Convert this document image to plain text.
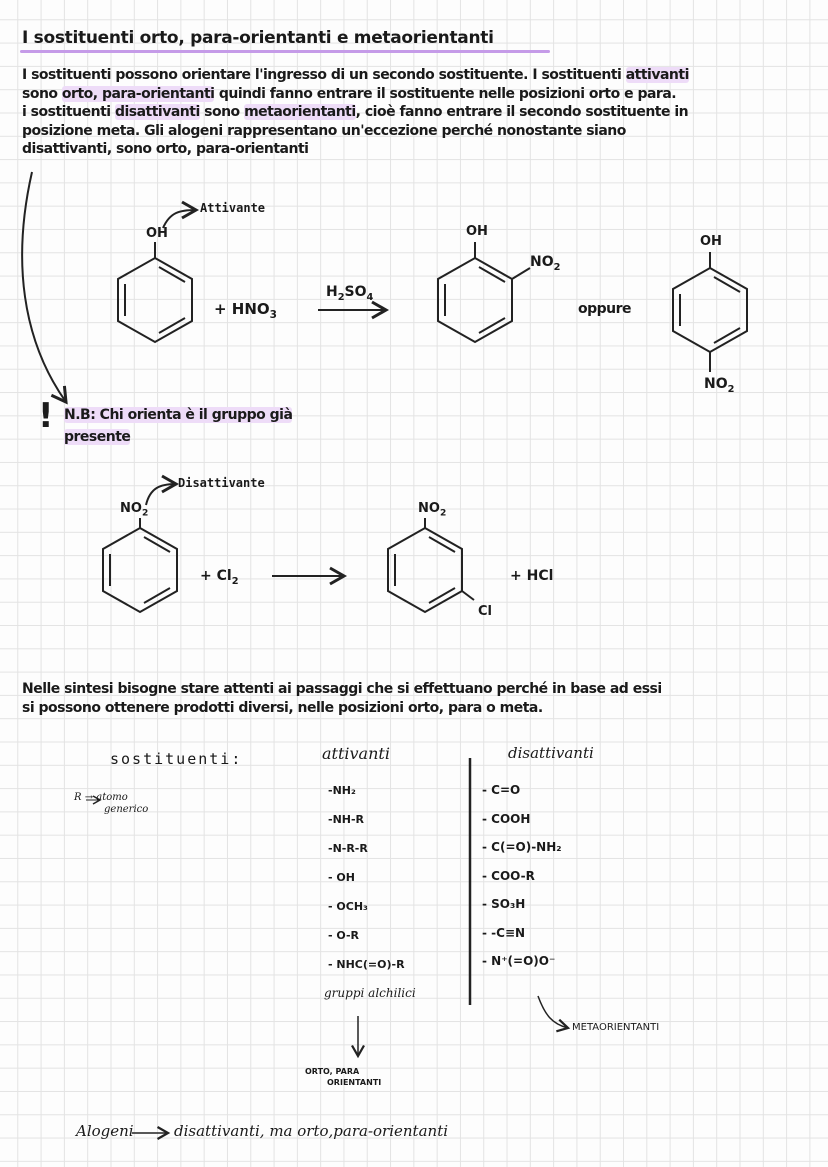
I sostituenti orto, para-orientanti e metaorientanti
I sostituenti possono orientare l'ingresso di un secondo sostituente. I sostituenti attivanti
sono orto, para-orientanti quindi fanno entrare il sostituente nelle posizioni orto e para.
i sostituenti disattivanti sono metaorientanti, cioè fanno entrare il secondo sostituente in
posizione meta. Gli alogeni rappresentano un'eccezione perché nonostante siano
disattivanti, sono orto, para-orientanti
OH
Attivante
+ $HNO_3$
$H_2SO_4$
OH
$NO_2$
oppure
OH
$NO_2$
! N.B: Chi orienta è il gruppo già
presente
$NO_2$
Disattivante
+ $Cl_2$
$NO_2$
Cl
+ HCl
Nelle sintesi bisogne stare attenti ai passaggi che si effettuano perché in base ad essi
si possono ottenere prodotti diversi, nelle posizioni orto, para o meta.
sostituenti:
R → atomo
generico
attivanti
-NH₂
-NH-R
-N-R-R
- OH
- OCH₃
- O-R
- NHC(=O)-R
gruppi alchilici
disattivanti
- C=O
- COOH
- C(=O)-NH₂
- COO-R
- SO₃H
- -C≡N
- N⁺(=O)O⁻
METAORIENTANTI
ORTO, PARA
ORIENTANTI
Alogeni	disattivanti, ma orto,para-orientanti
